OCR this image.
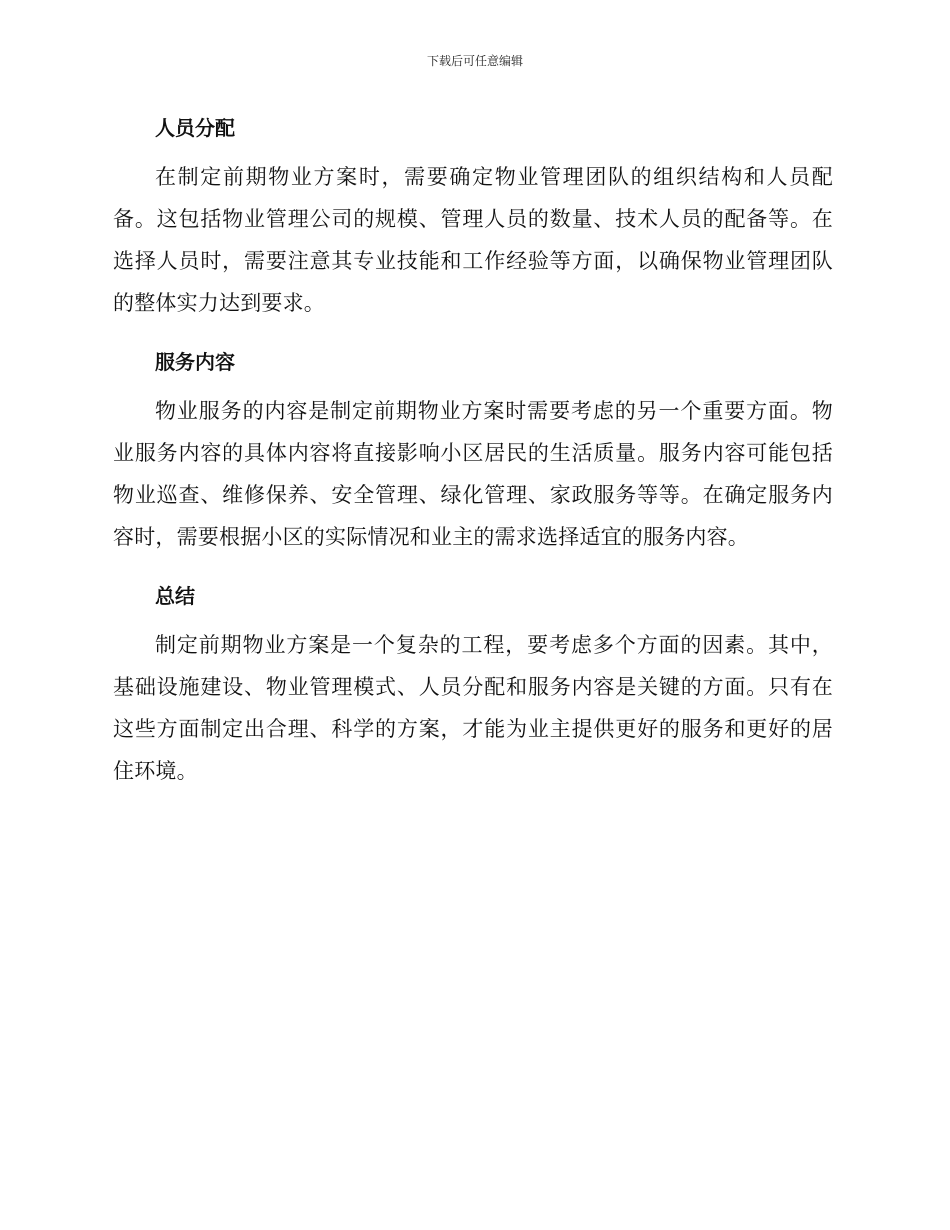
下载后可任意编辑
人员分配

在制定前期物业方案时，需要确定物业管理团队的组织结构和人员配备。这包括物业管理公司的规模、管理人员的数量、技术人员的配备等。在选择人员时，需要注意其专业技能和工作经验等方面，以确保物业管理团队的整体实力达到要求。

服务内容

物业服务的内容是制定前期物业方案时需要考虑的另一个重要方面。物业服务内容的具体内容将直接影响小区居民的生活质量。服务内容可能包括物业巡查、维修保养、安全管理、绿化管理、家政服务等等。在确定服务内容时，需要根据小区的实际情况和业主的需求选择适宜的服务内容。

总结

制定前期物业方案是一个复杂的工程，要考虑多个方面的因素。其中，基础设施建设、物业管理模式、人员分配和服务内容是关键的方面。只有在这些方面制定出合理、科学的方案，才能为业主提供更好的服务和更好的居住环境。
